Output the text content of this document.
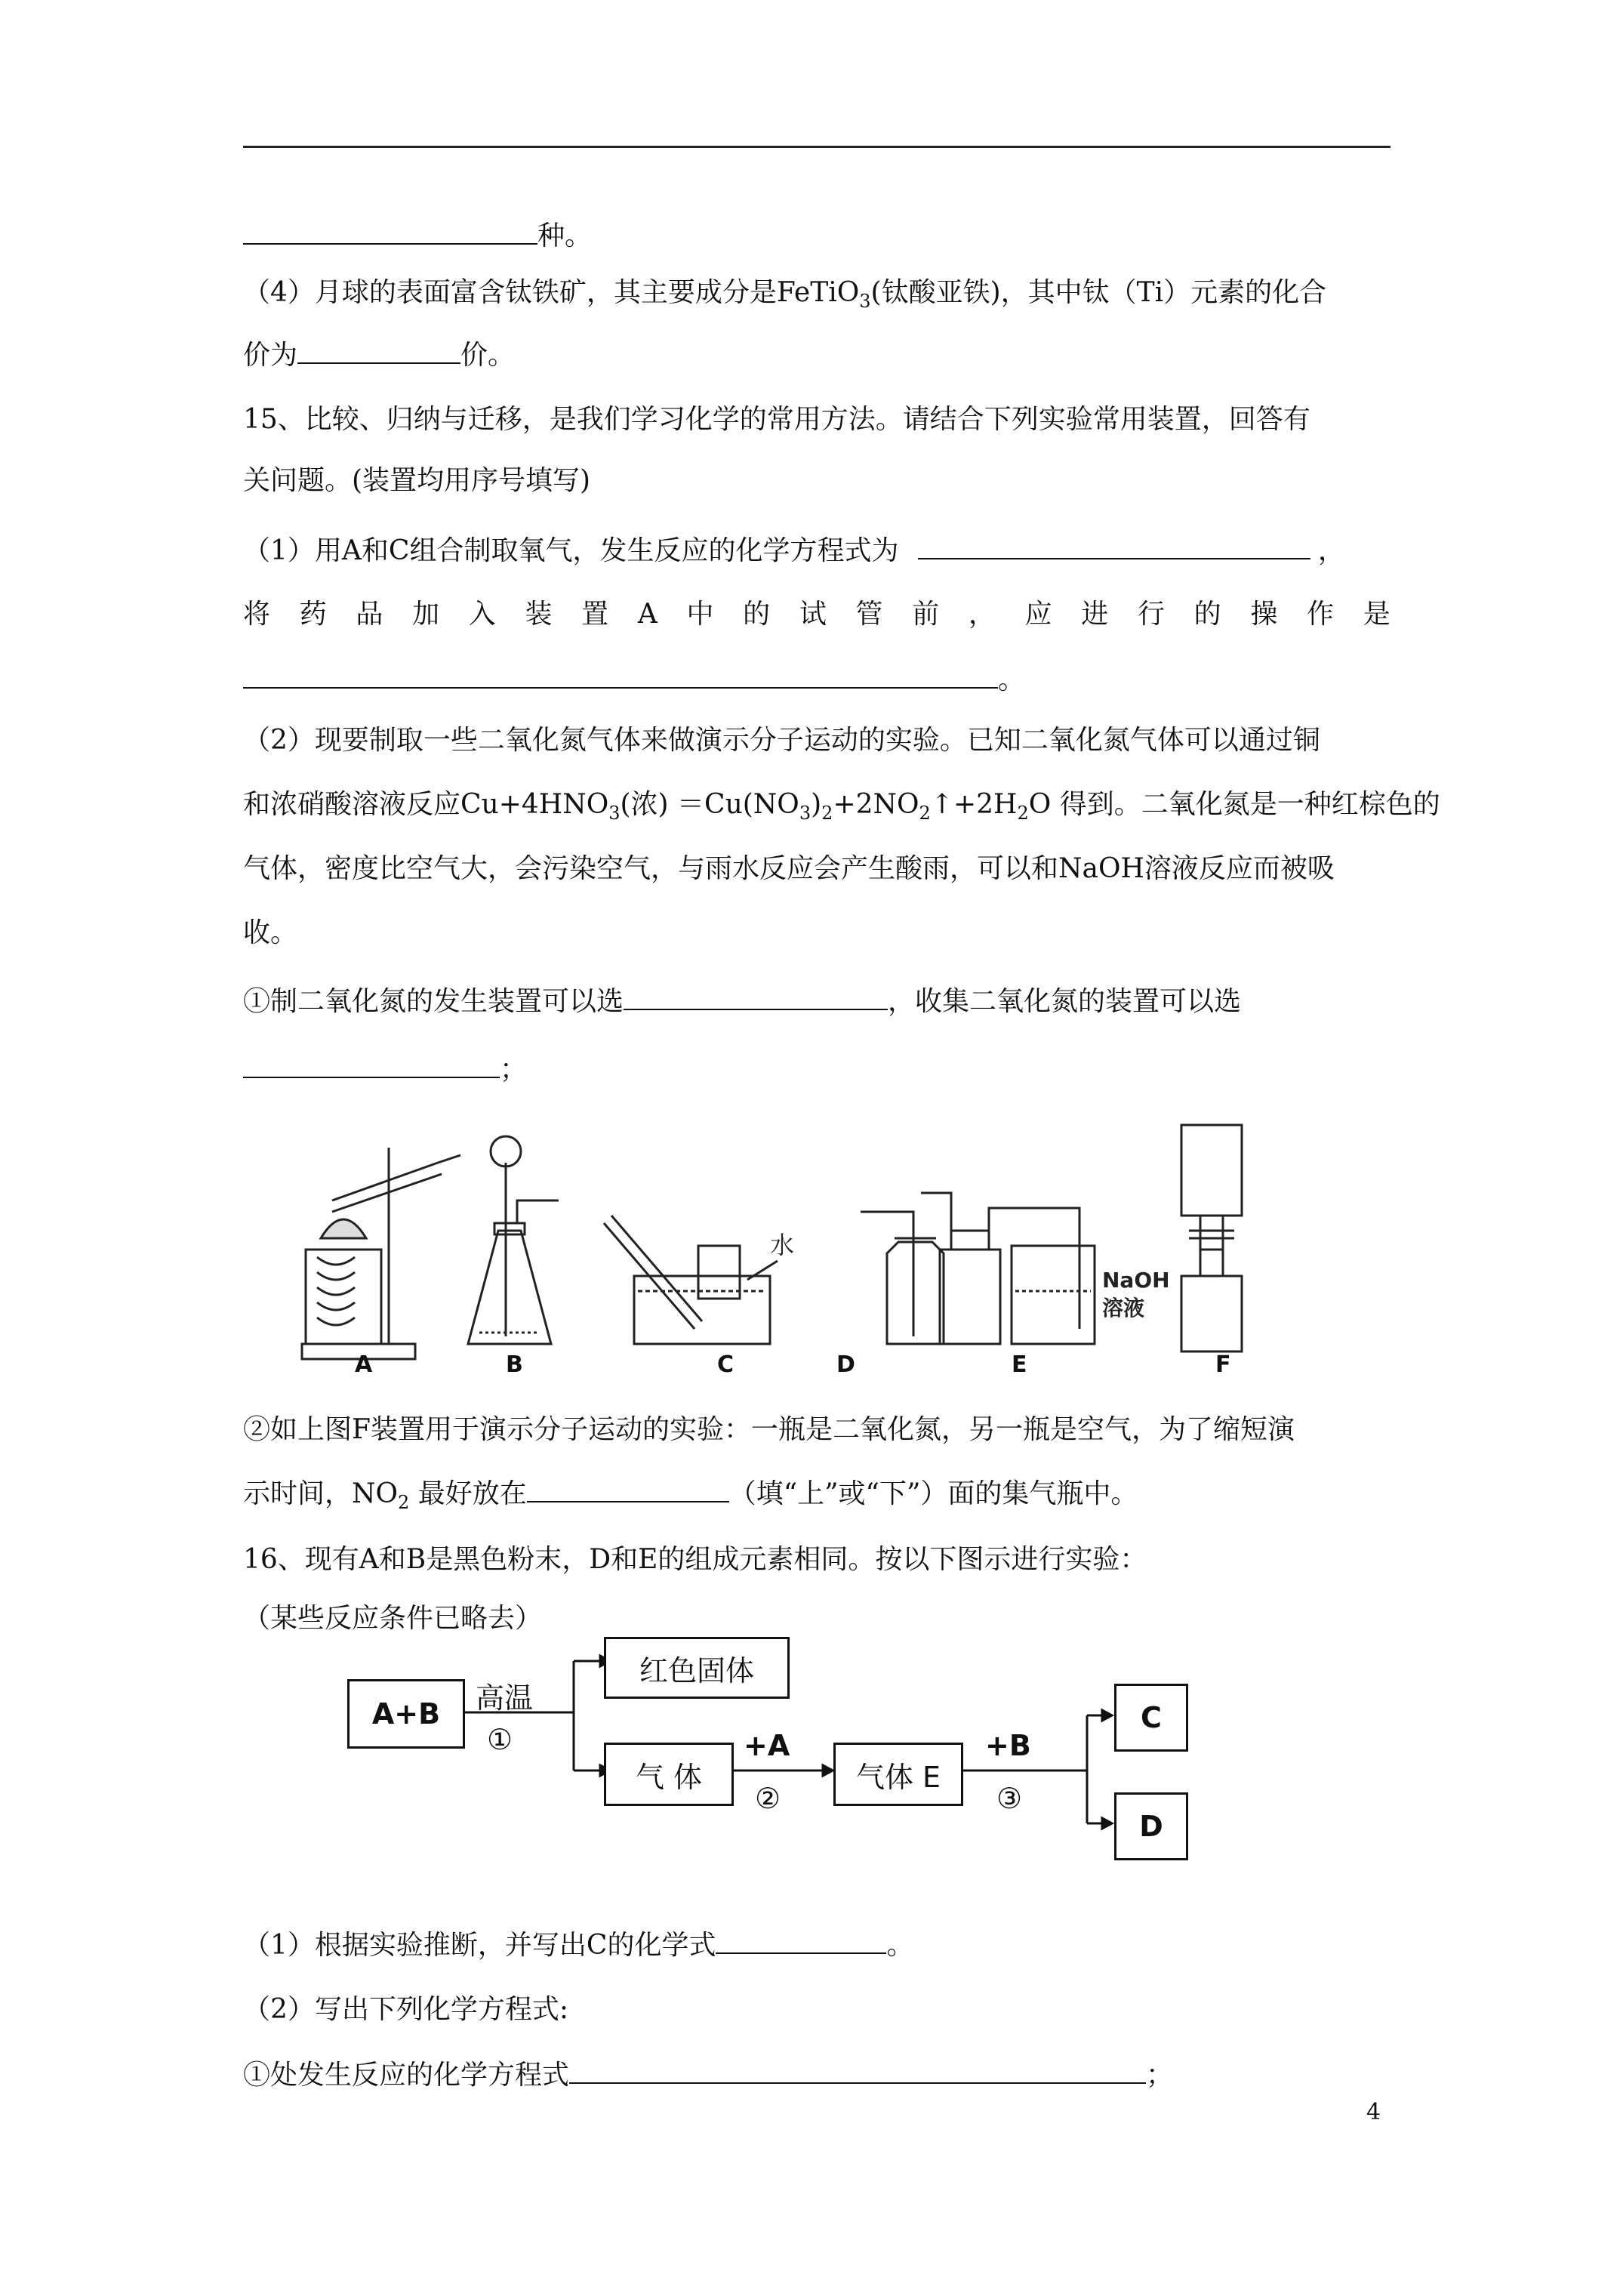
种。
（4）月球的表面富含钛铁矿，其主要成分是FeTiO$_3$(钛酸亚铁)，其中钛（Ti）元素的化合
价为	价。
15、比较、归纳与迁移，是我们学习化学的常用方法。请结合下列实验常用装置，回答有
关问题。(装置均用序号填写)
（1）用A和C组合制取氧气，发生反应的化学方程式为	，
将 药 品 加 入 装 置 A 中 的 试 管 前 ， 应 进 行 的 操 作 是
。
（2）现要制取一些二氧化氮气体来做演示分子运动的实验。已知二氧化氮气体可以通过铜
和浓硝酸溶液反应$Cu+4HNO_3$(浓) $=Cu(NO_3)_2+2NO_2↑+2H_2O$ 得到。二氧化氮是一种红棕色的
气体，密度比空气大，会污染空气，与雨水反应会产生酸雨，可以和NaOH溶液反应而被吸
收。
①制二氧化氮的发生装置可以选	，收集二氧化氮的装置可以选
；
水
NaOH
溶液
A	B	C	D	E	F
②如上图F装置用于演示分子运动的实验：一瓶是二氧化氮，另一瓶是空气，为了缩短演
示时间，$NO_2$ 最好放在	（填“上”或“下”）面的集气瓶中。
16、现有A和B是黑色粉末，D和E的组成元素相同。按以下图示进行实验：
（某些反应条件已略去）
A+B	高温
①
红色固体
气 体
+A
②
气体 E
+B
③
C
D
（1）根据实验推断，并写出C的化学式	。
（2）写出下列化学方程式:
①处发生反应的化学方程式	；
4
